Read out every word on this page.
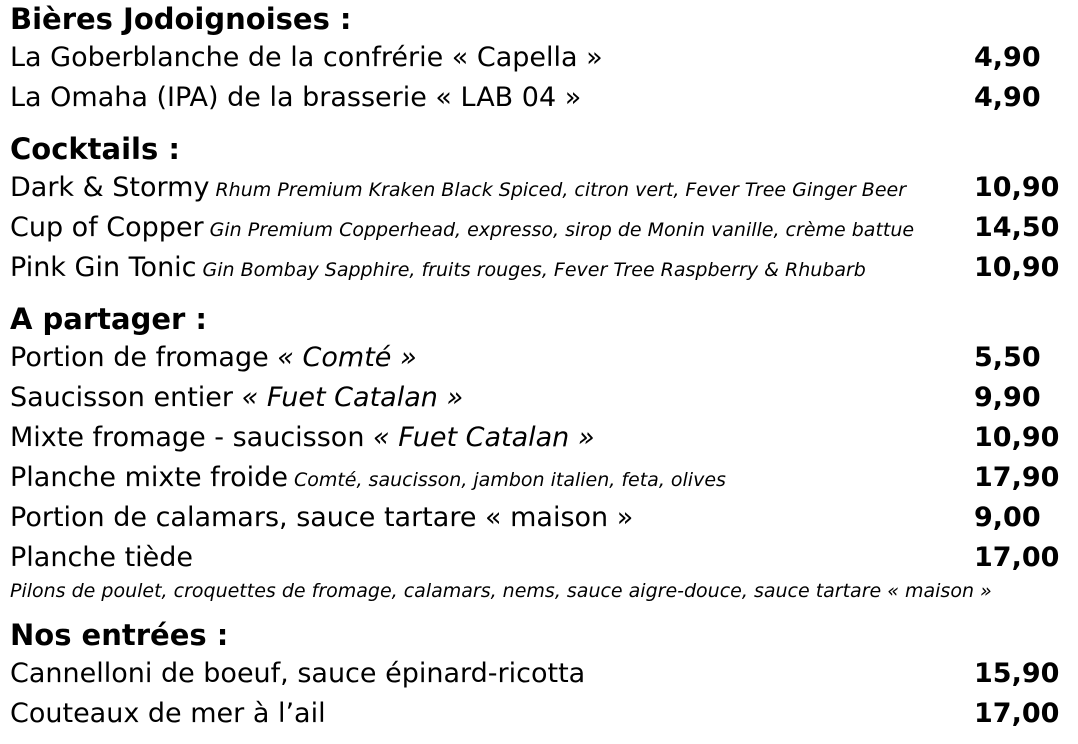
Bières Jodoignoises :
La Goberblanche de la confrérie « Capella »	4,90
La Omaha (IPA) de la brasserie « LAB 04 »	4,90
Cocktails :
Dark & Stormy Rhum Premium Kraken Black Spiced, citron vert, Fever Tree Ginger Beer	10,90
Cup of Copper Gin Premium Copperhead, expresso, sirop de Monin vanille, crème battue 14,50
Pink Gin Tonic Gin Bombay Sapphire, fruits rouges, Fever Tree Raspberry & Rhubarb	10,90
A partager :
Portion de fromage « Comté »	5,50
Saucisson entier « Fuet Catalan »	9,90
Mixte fromage - saucisson « Fuet Catalan »	10,90
Planche mixte froide Comté, saucisson, jambon italien, feta, olives	17,90
Portion de calamars, sauce tartare « maison »	9,00
Planche tiède	17,00
Pilons de poulet, croquettes de fromage, calamars, nems, sauce aigre-douce, sauce tartare « maison »
Nos entrées :
Cannelloni de boeuf, sauce épinard-ricotta	15,90
Couteaux de mer à l’ail	17,00
